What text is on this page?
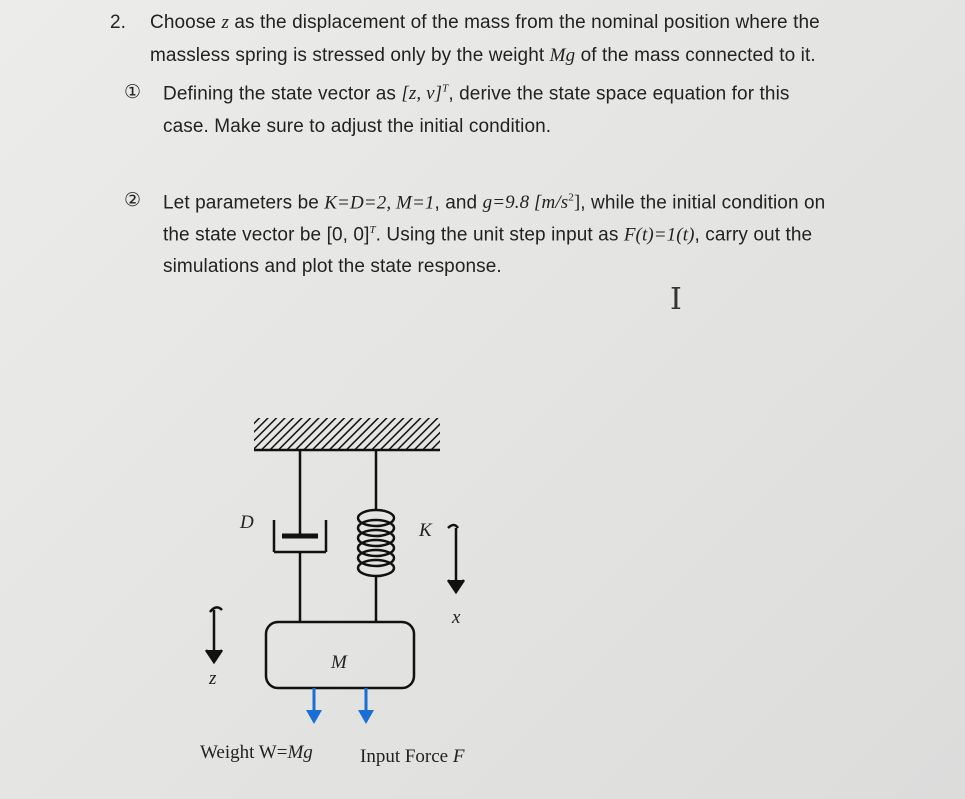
2. Choose z as the displacement of the mass from the nominal position where the
massless spring is stressed only by the weight Mg of the mass connected to it.
① Defining the state vector as [z, v]$^T$, derive the state space equation for this
case. Make sure to adjust the initial condition.
② Let parameters be K=D=2, M=1, and g=9.8 $[m/s^2]$, while the initial condition on
the state vector be [0, 0]$^T$. Using the unit step input as F(t)=1(t), carry out the
simulations and plot the state response.
I
D	K
M
x
z
Weight W=Mg Input Force F
